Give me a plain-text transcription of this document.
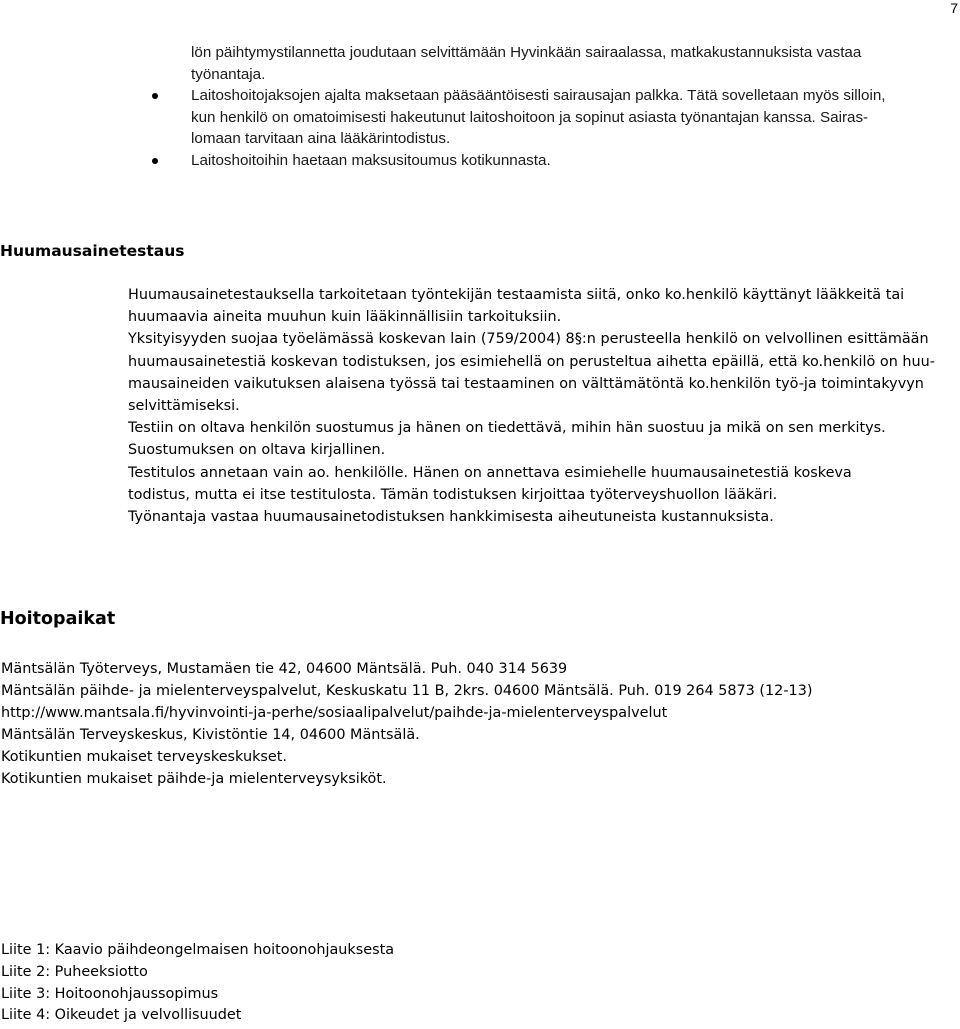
7
lön päihtymystilannetta joudutaan selvittämään Hyvinkään sairaalassa, matkakustannuksista vastaa
työnantaja.
Laitoshoitojaksojen ajalta maksetaan pääsääntöisesti sairausajan palkka. Tätä sovelletaan myös silloin,
kun henkilö on omatoimisesti hakeutunut laitoshoitoon ja sopinut asiasta työnantajan kanssa. Sairas-
lomaan tarvitaan aina lääkärintodistus.
Laitoshoitoihin haetaan maksusitoumus kotikunnasta.
Huumausainetestaus
Huumausainetestauksella tarkoitetaan työntekijän testaamista siitä, onko ko.henkilö käyttänyt lääkkeitä tai
huumaavia aineita muuhun kuin lääkinnällisiin tarkoituksiin.
Yksityisyyden suojaa työelämässä koskevan lain (759/2004) 8§:n perusteella henkilö on velvollinen esittämään
huumausainetestiä koskevan todistuksen, jos esimiehellä on perusteltua aihetta epäillä, että ko.henkilö on huu-
mausaineiden vaikutuksen alaisena työssä tai testaaminen on välttämätöntä ko.henkilön työ-ja toimintakyvyn
selvittämiseksi.
Testiin on oltava henkilön suostumus ja hänen on tiedettävä, mihin hän suostuu ja mikä on sen merkitys.
Suostumuksen on oltava kirjallinen.
Testitulos annetaan vain ao. henkilölle. Hänen on annettava esimiehelle huumausainetestiä koskeva
todistus, mutta ei itse testitulosta. Tämän todistuksen kirjoittaa työterveyshuollon lääkäri.
Työnantaja vastaa huumausainetodistuksen hankkimisesta aiheutuneista kustannuksista.
Hoitopaikat
Mäntsälän Työterveys, Mustamäen tie 42, 04600 Mäntsälä. Puh. 040 314 5639
Mäntsälän päihde- ja mielenterveyspalvelut, Keskuskatu 11 B, 2krs. 04600 Mäntsälä. Puh. 019 264 5873 (12-13)
http://www.mantsala.fi/hyvinvointi-ja-perhe/sosiaalipalvelut/paihde-ja-mielenterveyspalvelut
Mäntsälän Terveyskeskus, Kivistöntie 14, 04600 Mäntsälä.
Kotikuntien mukaiset terveyskeskukset.
Kotikuntien mukaiset päihde-ja mielenterveysyksiköt.
Liite 1: Kaavio päihdeongelmaisen hoitoonohjauksesta
Liite 2: Puheeksiotto
Liite 3: Hoitoonohjaussopimus
Liite 4: Oikeudet ja velvollisuudet
